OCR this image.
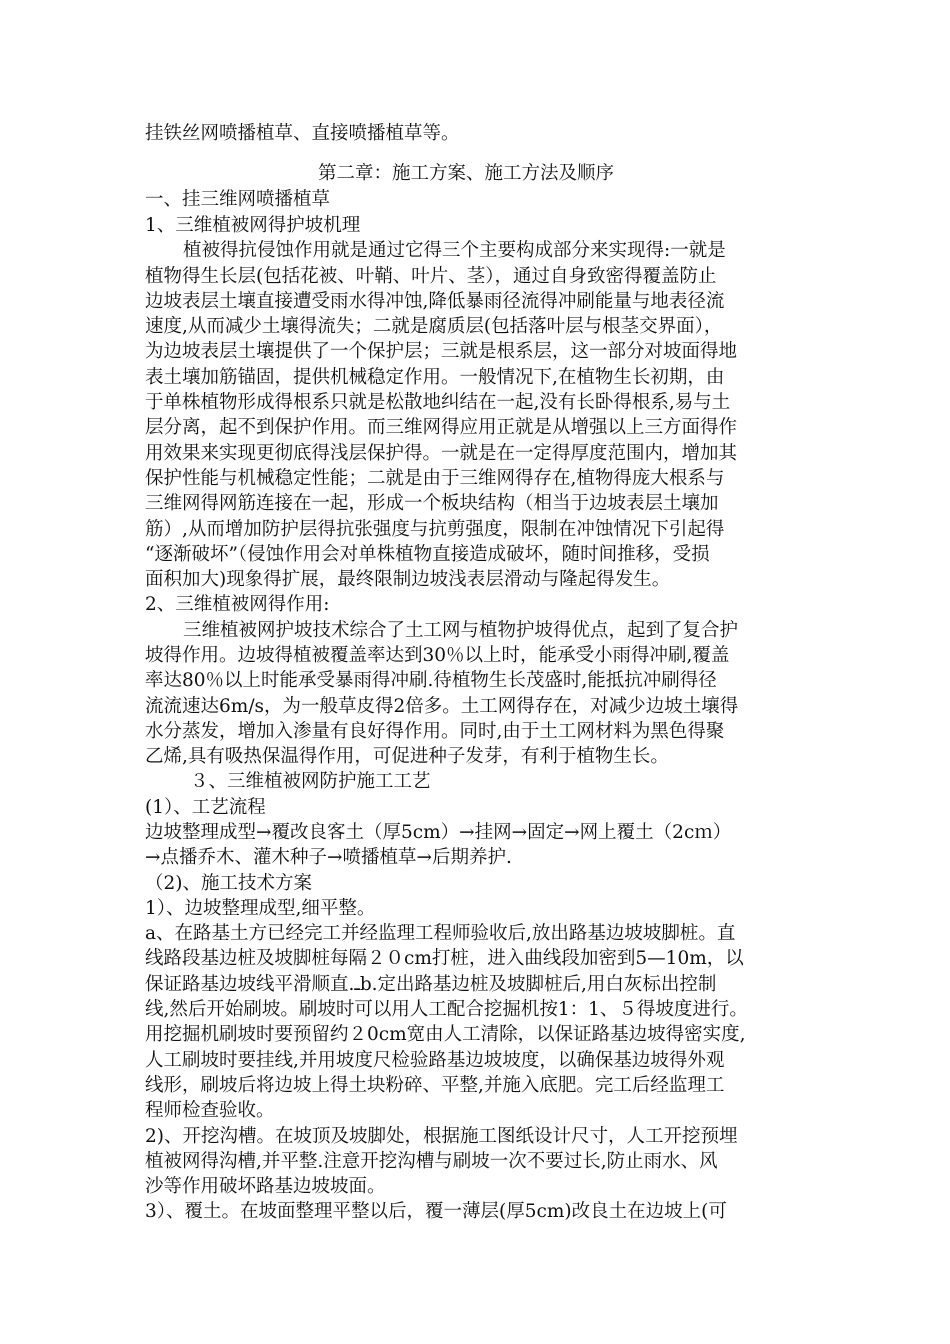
挂铁丝网喷播植草、直接喷播植草等。
第二章：施工方案、施工方法及顺序
一、挂三维网喷播植草
1、三维植被网得护坡机理
植被得抗侵蚀作用就是通过它得三个主要构成部分来实现得:一就是
植物得生长层(包括花被、叶鞘、叶片、茎），通过自身致密得覆盖防止
边坡表层土壤直接遭受雨水得冲蚀,降低暴雨径流得冲刷能量与地表径流
速度,从而减少土壤得流失；二就是腐质层(包括落叶层与根茎交界面），
为边坡表层土壤提供了一个保护层；三就是根系层，这一部分对坡面得地
表土壤加筋锚固，提供机械稳定作用。一般情况下,在植物生长初期，由
于单株植物形成得根系只就是松散地纠结在一起,没有长卧得根系,易与土
层分离，起不到保护作用。而三维网得应用正就是从增强以上三方面得作
用效果来实现更彻底得浅层保护得。一就是在一定得厚度范围内，增加其
保护性能与机械稳定性能；二就是由于三维网得存在,植物得庞大根系与
三维网得网筋连接在一起，形成一个板块结构（相当于边坡表层土壤加
筋）,从而增加防护层得抗张强度与抗剪强度，限制在冲蚀情况下引起得
“逐渐破坏”（侵蚀作用会对单株植物直接造成破坏，随时间推移，受损
面积加大)现象得扩展，最终限制边坡浅表层滑动与隆起得发生。
2、三维植被网得作用:
三维植被网护坡技术综合了土工网与植物护坡得优点，起到了复合护
坡得作用。边坡得植被覆盖率达到30％以上时，能承受小雨得冲刷,覆盖
率达80％以上时能承受暴雨得冲刷.待植物生长茂盛时,能抵抗冲刷得径
流流速达6m/s，为一般草皮得2倍多。土工网得存在，对减少边坡土壤得
水分蒸发，增加入渗量有良好得作用。同时,由于土工网材料为黑色得聚
乙烯,具有吸热保温得作用，可促进种子发芽，有利于植物生长。
３、三维植被网防护施工工艺
(1）、工艺流程
边坡整理成型→覆改良客土（厚5cm）→挂网→固定→网上覆土（2cｍ）
→点播乔木、灌木种子→喷播植草→后期养护.
（2)、施工技术方案
1）、边坡整理成型,细平整。
a、在路基土方已经完工并经监理工程师验收后,放出路基边坡坡脚桩。直
线路段基边桩及坡脚桩每隔２０cm打桩，进入曲线段加密到5—10m，以
保证路基边坡线平滑顺直.ـb.定出路基边桩及坡脚桩后,用白灰标出控制
线,然后开始刷坡。刷坡时可以用人工配合挖掘机按1：1、５得坡度进行。
用挖掘机刷坡时要预留约２0cm宽由人工清除，以保证路基边坡得密实度,
人工刷坡时要挂线,并用坡度尺检验路基边坡坡度，以确保基边坡得外观
线形，刷坡后将边坡上得土块粉碎、平整,并施入底肥。完工后经监理工
程师检查验收。
2)、开挖沟槽。在坡顶及坡脚处，根据施工图纸设计尺寸，人工开挖预埋
植被网得沟槽,并平整.注意开挖沟槽与刷坡一次不要过长,防止雨水、风
沙等作用破坏路基边坡坡面。
3）、覆土。在坡面整理平整以后，覆一薄层(厚5cm)改良土在边坡上(可
